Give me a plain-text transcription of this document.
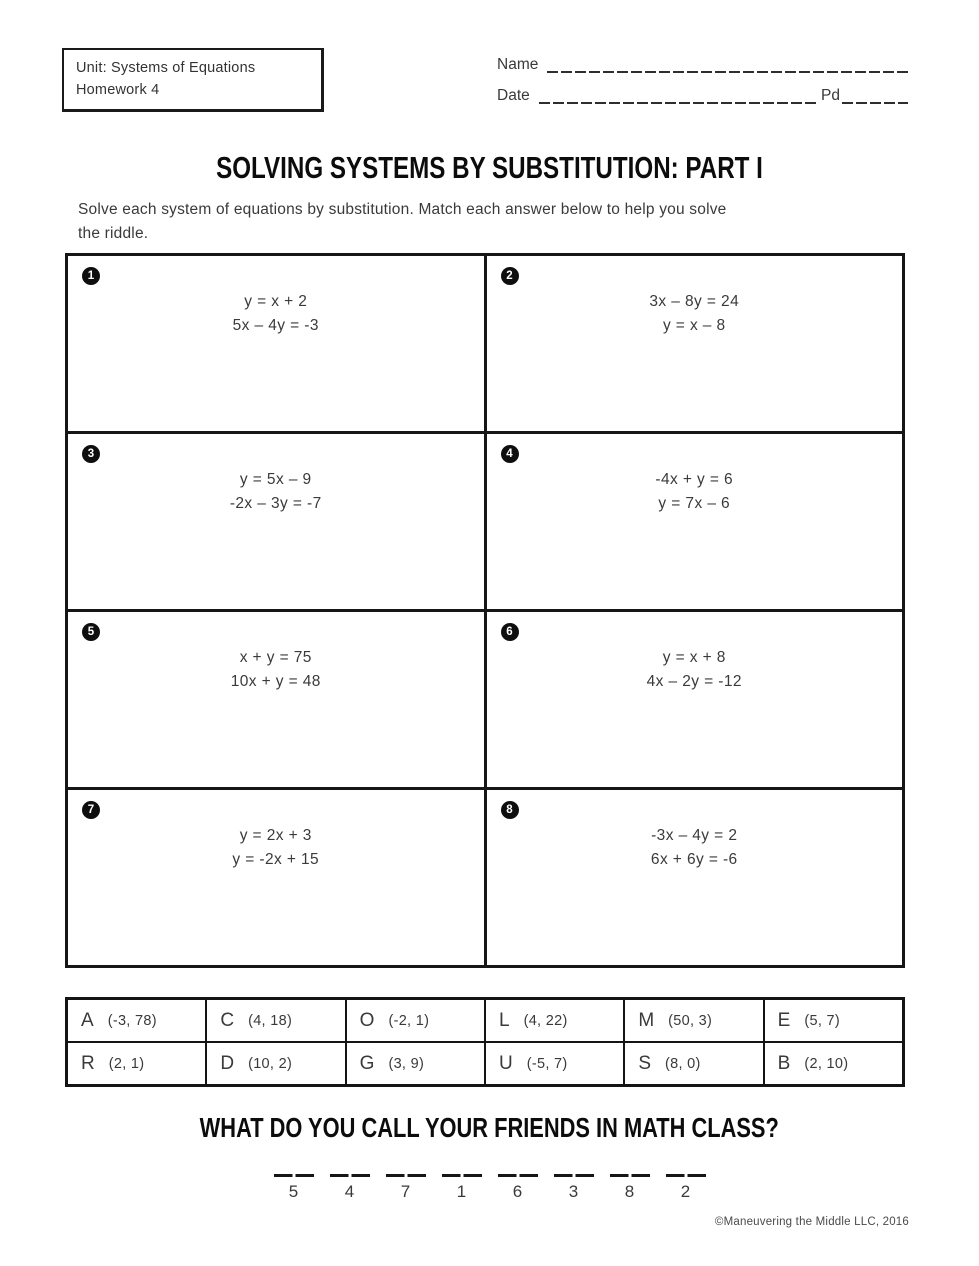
Unit: Systems of Equations
Homework 4
Name
Date	Pd
SOLVING SYSTEMS BY SUBSTITUTION: PART I

Solve each system of equations by substitution. Match each answer below to help you solve
the riddle.

1
y = x + 2
5x – 4y = -3
2
3x – 8y = 24
y = x – 8
3
y = 5x – 9
-2x – 3y = -7
4
-4x + y = 6
y = 7x – 6
5
x + y = 75
10x + y = 48
6
y = x + 8
4x – 2y = -12
7
y = 2x + 3
y = -2x + 15
8
-3x – 4y = 2
6x + 6y = -6
A (-3, 78)	C (4, 18)	O (-2, 1)	L (4, 22)	M (50, 3)	E (5, 7)
R (2, 1)	D (10, 2)	G (3, 9)	U (-5, 7)	S (8, 0)	B (2, 10)
WHAT DO YOU CALL YOUR FRIENDS IN MATH CLASS?
5	4	7	1	6	3	8	2
©Maneuvering the Middle LLC, 2016
